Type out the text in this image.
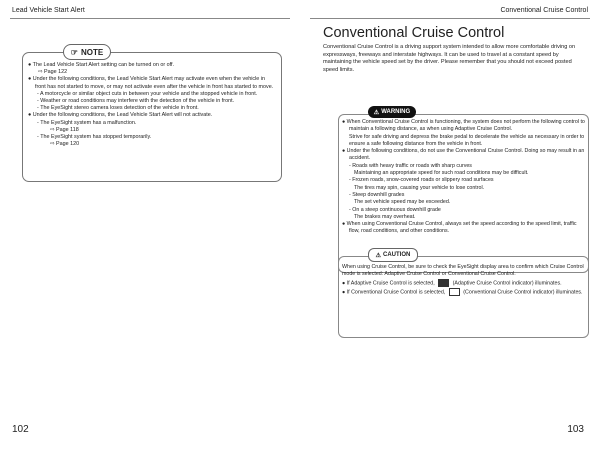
Lead Vehicle Start Alert	Conventional Cruise Control
☞ NOTE
● The Lead Vehicle Start Alert setting can be turned on or off.
⇨ Page 122
● Under the following conditions, the Lead Vehicle Start Alert may activate even when the vehicle in front has not started to move, or may not activate even after the vehicle in front has started to move.
- A motorcycle or similar object cuts in between your vehicle and the stopped vehicle in front.
- Weather or road conditions may interfere with the detection of the vehicle in front.
- The EyeSight stereo camera loses detection of the vehicle in front.
● Under the following conditions, the Lead Vehicle Start Alert will not activate.
- The EyeSight system has a malfunction.
⇨ Page 118
- The EyeSight system has stopped temporarily.
⇨ Page 120
Conventional Cruise Control
Conventional Cruise Control is a driving support system intended to allow more comfortable driving on expressways, freeways and interstate highways. It can be used to travel at a constant speed by maintaining the vehicle speed set by the driver. Please remember that you should not exceed posted speed limits.
⚠ WARNING
● When Conventional Cruise Control is functioning, the system does not perform the following control to maintain a following distance, as when using Adaptive Cruise Control.
Strive for safe driving and depress the brake pedal to decelerate the vehicle as necessary in order to ensure a safe following distance from the vehicle in front.
● Under the following conditions, do not use the Conventional Cruise Control. Doing so may result in an accident.
- Roads with heavy traffic or roads with sharp curves
Maintaining an appropriate speed for such road conditions may be difficult.
- Frozen roads, snow-covered roads or slippery road surfaces
The tires may spin, causing your vehicle to lose control.
- Steep downhill grades
The set vehicle speed may be exceeded.
- On a steep continuous downhill grade
The brakes may overheat.
● When using Conventional Cruise Control, always set the speed according to the speed limit, traffic flow, road conditions, and other conditions.
⚠ CAUTION
When using Cruise Control, be sure to check the EyeSight display area to confirm which Cruise Control mode is selected: Adaptive Cruise Control or Conventional Cruise Control.
● If Adaptive Cruise Control is selected,	(Adaptive Cruise Control indicator) illuminates.
● If Conventional Cruise Control is selected,	(Conventional Cruise Control indicator) illuminates.
102	103
